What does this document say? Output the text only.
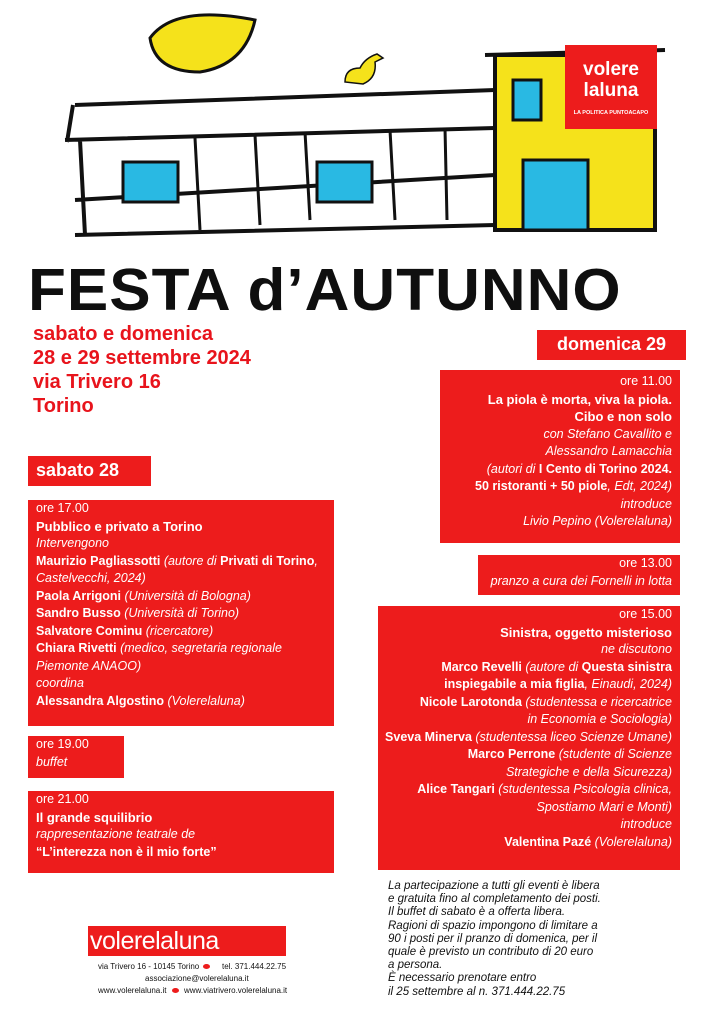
volere
laluna
LA POLITICA PUNTOACAPO
FESTA d’AUTUNNO
sabato e domenica
28 e 29 settembre 2024
via Trivero 16
Torino
sabato 28
domenica 29
ore 17.00
Pubblico e privato a Torino
Intervengono
Maurizio Pagliassotti (autore di Privati di Torino,
Castelvecchi, 2024)
Paola Arrigoni (Università di Bologna)
Sandro Busso (Università di Torino)
Salvatore Cominu (ricercatore)
Chiara Rivetti (medico, segretaria regionale
Piemonte ANAOO)
coordina
Alessandra Algostino (Volerelaluna)
ore 19.00
buffet
ore 21.00
Il grande squilibrio
rappresentazione teatrale de
“L’interezza non è il mio forte”
ore 11.00
La piola è morta, viva la piola.
Cibo e non solo
con Stefano Cavallito e
Alessandro Lamacchia
(autori di I Cento di Torino 2024.
50 ristoranti + 50 piole, Edt, 2024)
introduce
Livio Pepino (Volerelaluna)
ore 13.00
pranzo a cura dei Fornelli in lotta
ore 15.00
Sinistra, oggetto misterioso
ne discutono
Marco Revelli (autore di Questa sinistra
inspiegabile a mia figlia, Einaudi, 2024)
Nicole Larotonda (studentessa e ricercatrice
in Economia e Sociologia)
Sveva Minerva (studentessa liceo Scienze Umane)
Marco Perrone (studente di Scienze
Strategiche e della Sicurezza)
Alice Tangari (studentessa Psicologia clinica,
Spostiamo Mari e Monti)
introduce
Valentina Pazé (Volerelaluna)
La partecipazione a tutti gli eventi è libera
e gratuita fino al completamento dei posti.
Il buffet di sabato è a offerta libera.
Ragioni di spazio impongono di limitare a
90 i posti per il pranzo di domenica, per il
quale è previsto un contributo di 20 euro
a persona.
È necessario prenotare entro
il 25 settembre al n. 371.444.22.75
volerelaluna
via Trivero 16 - 10145 Torino	tel. 371.444.22.75
associazione@volerelaluna.it
www.volerelaluna.it www.viatrivero.volerelaluna.it
